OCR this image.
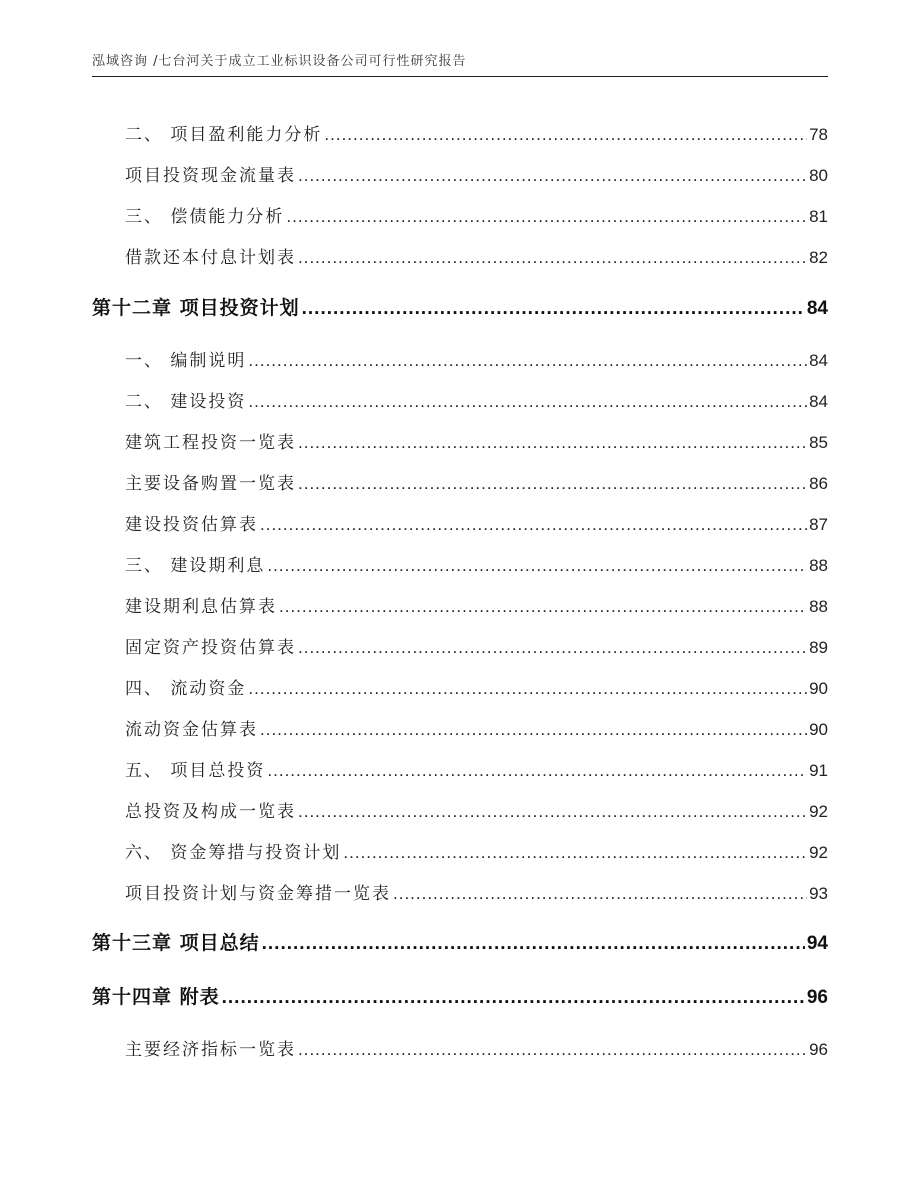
泓域咨询 /七台河关于成立工业标识设备公司可行性研究报告
二、 项目盈利能力分析 .....	78
项目投资现金流量表 .....	80
三、 偿债能力分析 .....	81
借款还本付息计划表 .....	82
第十二章 项目投资计划 .....	84
一、 编制说明 .....	84
二、 建设投资 .....	84
建筑工程投资一览表 .....	85
主要设备购置一览表 .....	86
建设投资估算表 .....	87
三、 建设期利息 .....	88
建设期利息估算表 .....	88
固定资产投资估算表 .....	89
四、 流动资金 .....	90
流动资金估算表 .....	90
五、 项目总投资 .....	91
总投资及构成一览表 .....	92
六、 资金筹措与投资计划 .....	92
项目投资计划与资金筹措一览表 .....	93
第十三章 项目总结 .....	94
第十四章 附表 .....	96
主要经济指标一览表 .....	96
